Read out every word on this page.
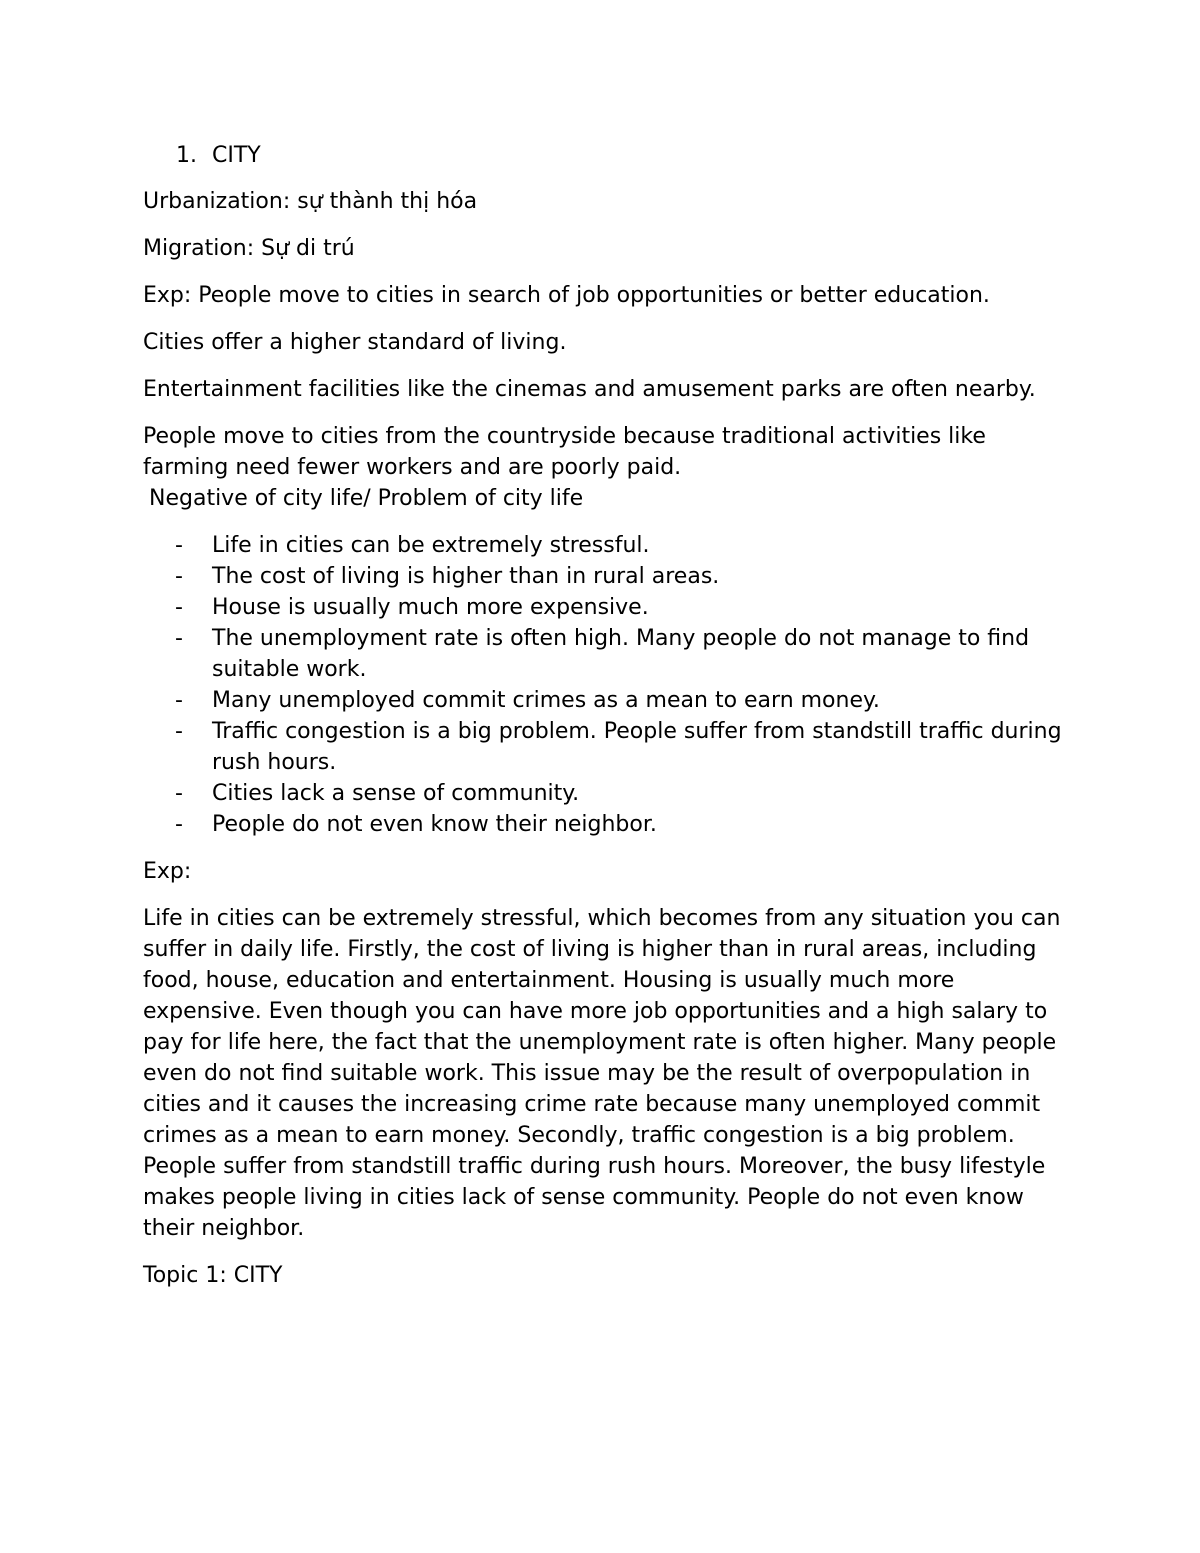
1. CITY

Urbanization: sự thành thị hóa

Migration: Sự di trú

Exp: People move to cities in search of job opportunities or better education.

Cities offer a higher standard of living.

Entertainment facilities like the cinemas and amusement parks are often nearby.

People move to cities from the countryside because traditional activities like farming need fewer workers and are poorly paid.

Negative of city life/ Problem of city life

- Life in cities can be extremely stressful.
- The cost of living is higher than in rural areas.
- House is usually much more expensive.
- The unemployment rate is often high. Many people do not manage to find suitable work.
- Many unemployed commit crimes as a mean to earn money.
- Traffic congestion is a big problem. People suffer from standstill traffic during rush hours.
- Cities lack a sense of community.
- People do not even know their neighbor.

Exp:

Life in cities can be extremely stressful, which becomes from any situation you can suffer in daily life. Firstly, the cost of living is higher than in rural areas, including food, house, education and entertainment. Housing is usually much more expensive. Even though you can have more job opportunities and a high salary to pay for life here, the fact that the unemployment rate is often higher. Many people even do not find suitable work. This issue may be the result of overpopulation in cities and it causes the increasing crime rate because many unemployed commit crimes as a mean to earn money. Secondly, traffic congestion is a big problem. People suffer from standstill traffic during rush hours. Moreover, the busy lifestyle makes people living in cities lack of sense community. People do not even know their neighbor.

Topic 1: CITY
